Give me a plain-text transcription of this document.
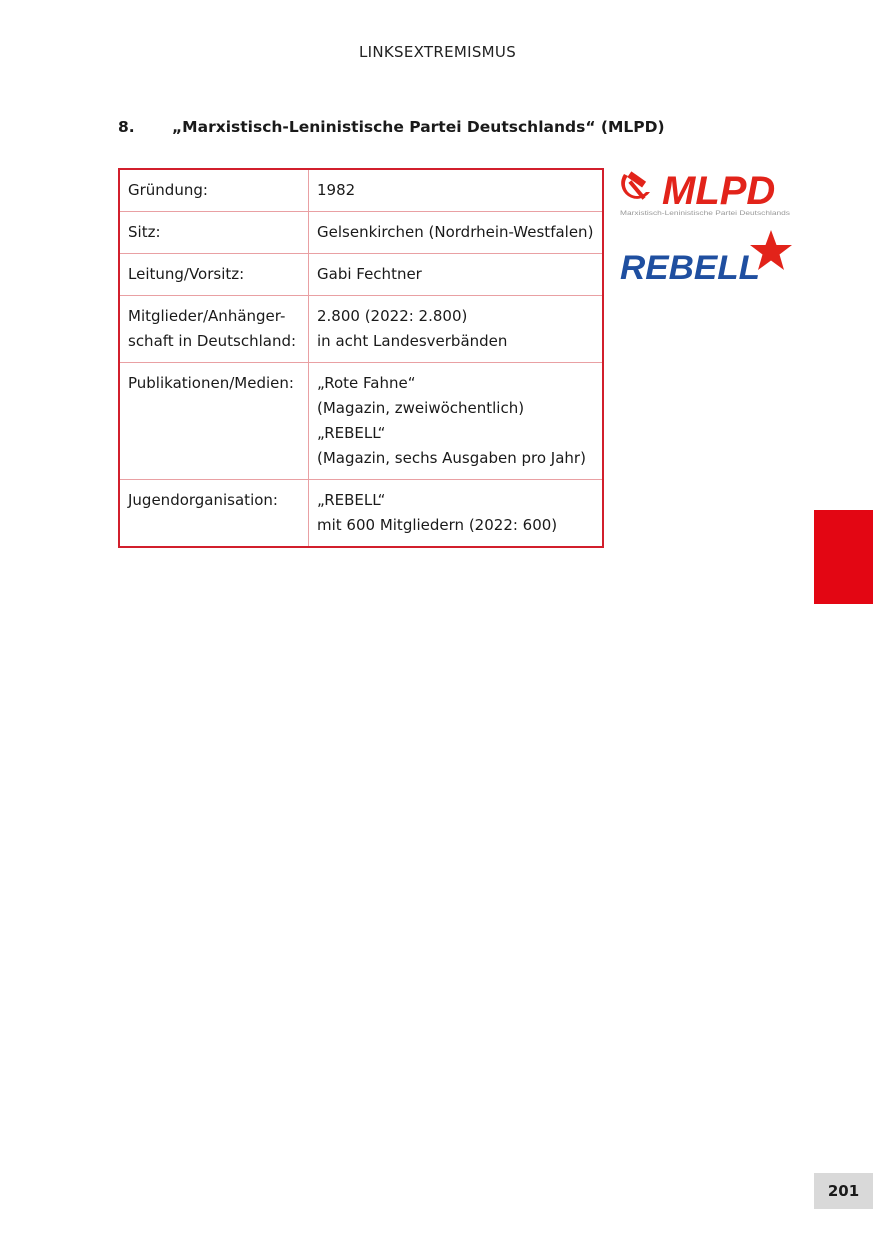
LINKSEXTREMISMUS
8. „Marxistisch-Leninistische Partei Deutschlands“ (MLPD)
Gründung:	1982

Sitz:	Gelsenkirchen (Nordrhein-Westfalen)

Leitung/Vorsitz:	Gabi Fechtner

Mitglieder/Anhänger-
schaft in Deutschland:	2.800 (2022: 2.800)
in acht Landesverbänden

Publikationen/Medien:	„Rote Fahne“
(Magazin, zweiwöchentlich)
„REBELL“
(Magazin, sechs Ausgaben pro Jahr)

Jugendorganisation:	„REBELL“
mit 600 Mitgliedern (2022: 600)
MLPD
Marxistisch-Leninistische Partei Deutschlands
REBELL
201
